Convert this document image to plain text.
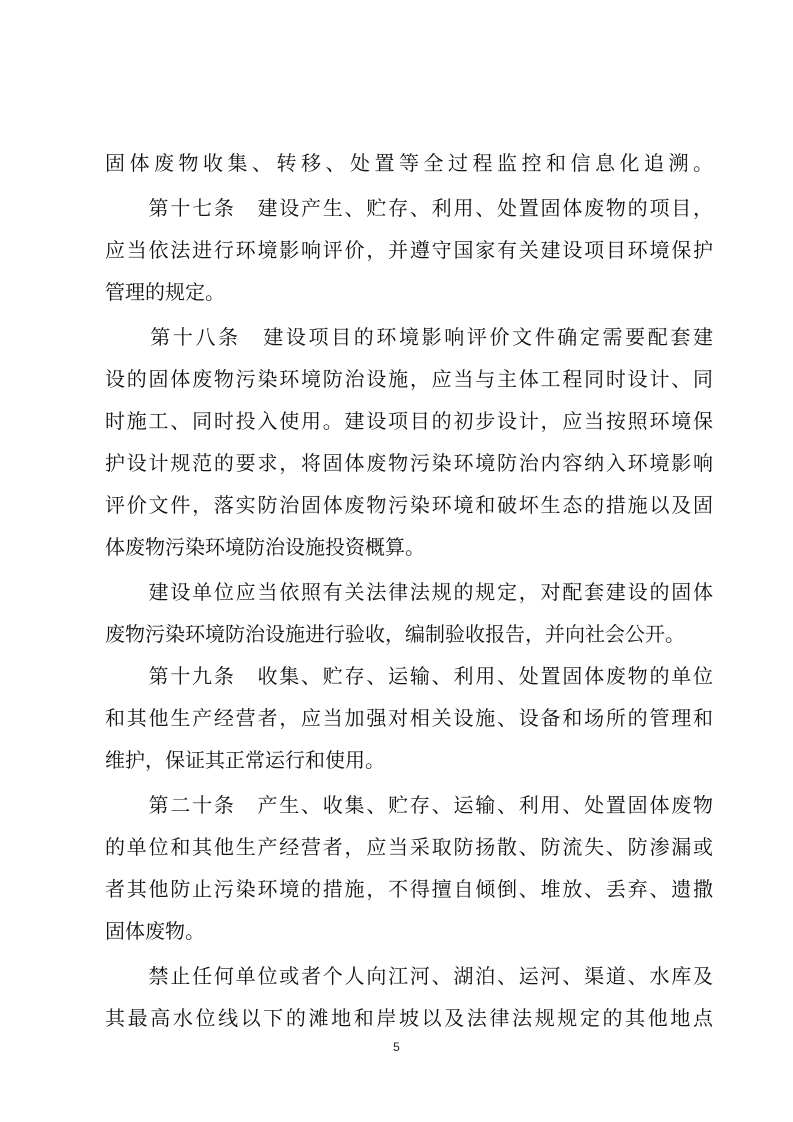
固体废物收集、转移、处置等全过程监控和信息化追溯。
　　第十七条　建设产生、贮存、利用、处置固体废物的项目，
应当依法进行环境影响评价，并遵守国家有关建设项目环境保护
管理的规定。
　　第十八条　建设项目的环境影响评价文件确定需要配套建
设的固体废物污染环境防治设施，应当与主体工程同时设计、同
时施工、同时投入使用。建设项目的初步设计，应当按照环境保
护设计规范的要求，将固体废物污染环境防治内容纳入环境影响
评价文件，落实防治固体废物污染环境和破坏生态的措施以及固
体废物污染环境防治设施投资概算。
　　建设单位应当依照有关法律法规的规定，对配套建设的固体
废物污染环境防治设施进行验收，编制验收报告，并向社会公开。
　　第十九条　收集、贮存、运输、利用、处置固体废物的单位
和其他生产经营者，应当加强对相关设施、设备和场所的管理和
维护，保证其正常运行和使用。
　　第二十条　产生、收集、贮存、运输、利用、处置固体废物
的单位和其他生产经营者，应当采取防扬散、防流失、防渗漏或
者其他防止污染环境的措施，不得擅自倾倒、堆放、丢弃、遗撒
固体废物。
　　禁止任何单位或者个人向江河、湖泊、运河、渠道、水库及
其最高水位线以下的滩地和岸坡以及法律法规规定的其他地点
5
